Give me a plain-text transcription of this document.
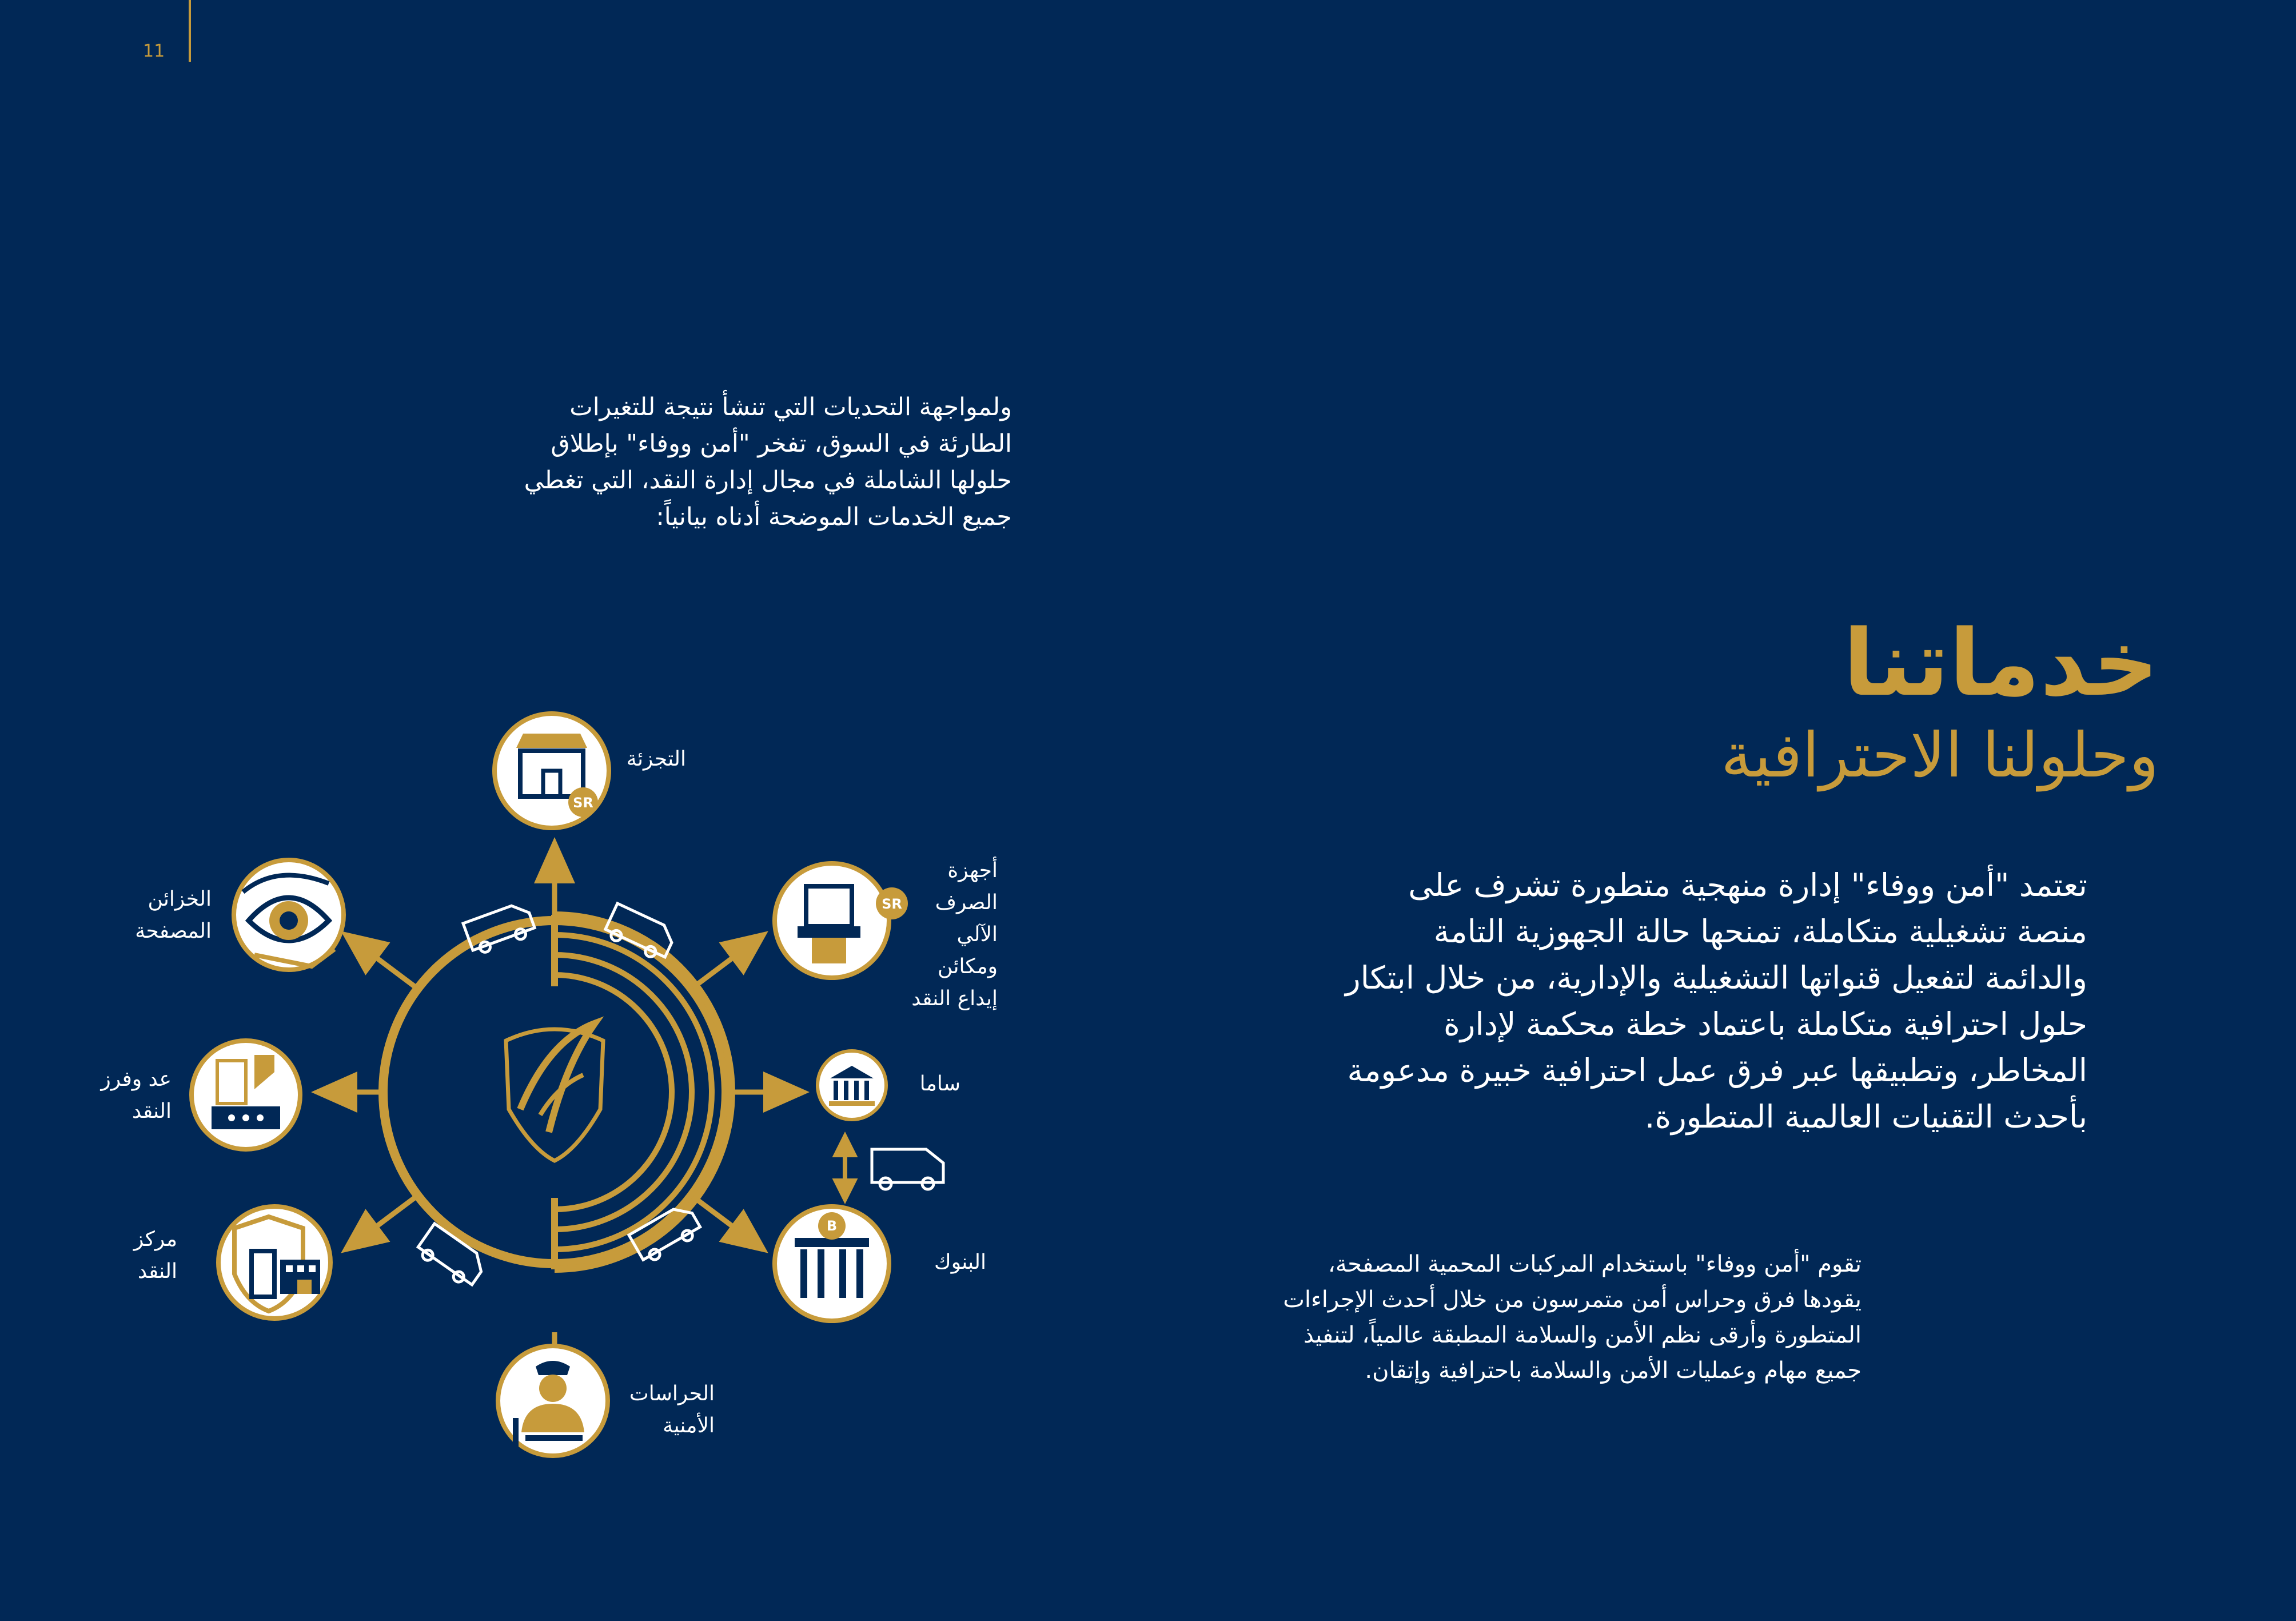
11
ولمواجهة التحديات التي تنشأ نتيجة للتغيرات الطارئة في السوق، تفخر "أمن ووفاء" بإطلاق حلولها الشاملة في مجال إدارة النقد، التي تغطي جميع الخدمات الموضحة أدناه بيانياً:
خدماتنا
وحلولنا الاحترافية
تعتمد "أمن ووفاء" إدارة منهجية متطورة تشرف على منصة تشغيلية متكاملة، تمنحها حالة الجهوزية التامة والدائمة لتفعيل قنواتها التشغيلية والإدارية، من خلال ابتكار حلول احترافية متكاملة باعتماد خطة محكمة لإدارة المخاطر، وتطبيقها عبر فرق عمل احترافية خبيرة مدعومة بأحدث التقنيات العالمية المتطورة.
تقوم "أمن ووفاء" باستخدام المركبات المحمية المصفحة، يقودها فرق وحراس أمن متمرسون من خلال أحدث الإجراءات المتطورة وأرقى نظم الأمن والسلامة المطبقة عالمياً، لتنفيذ جميع مهام وعمليات الأمن والسلامة باحترافية وإتقان.
SR
SR
B
التجزئة
أجهزة الصرف الآلي ومكائن إيداع النقد
ساما
البنوك
الحراسات الأمنية
مركز النقد
عد وفرز النقد
الخزائن المصفحة
